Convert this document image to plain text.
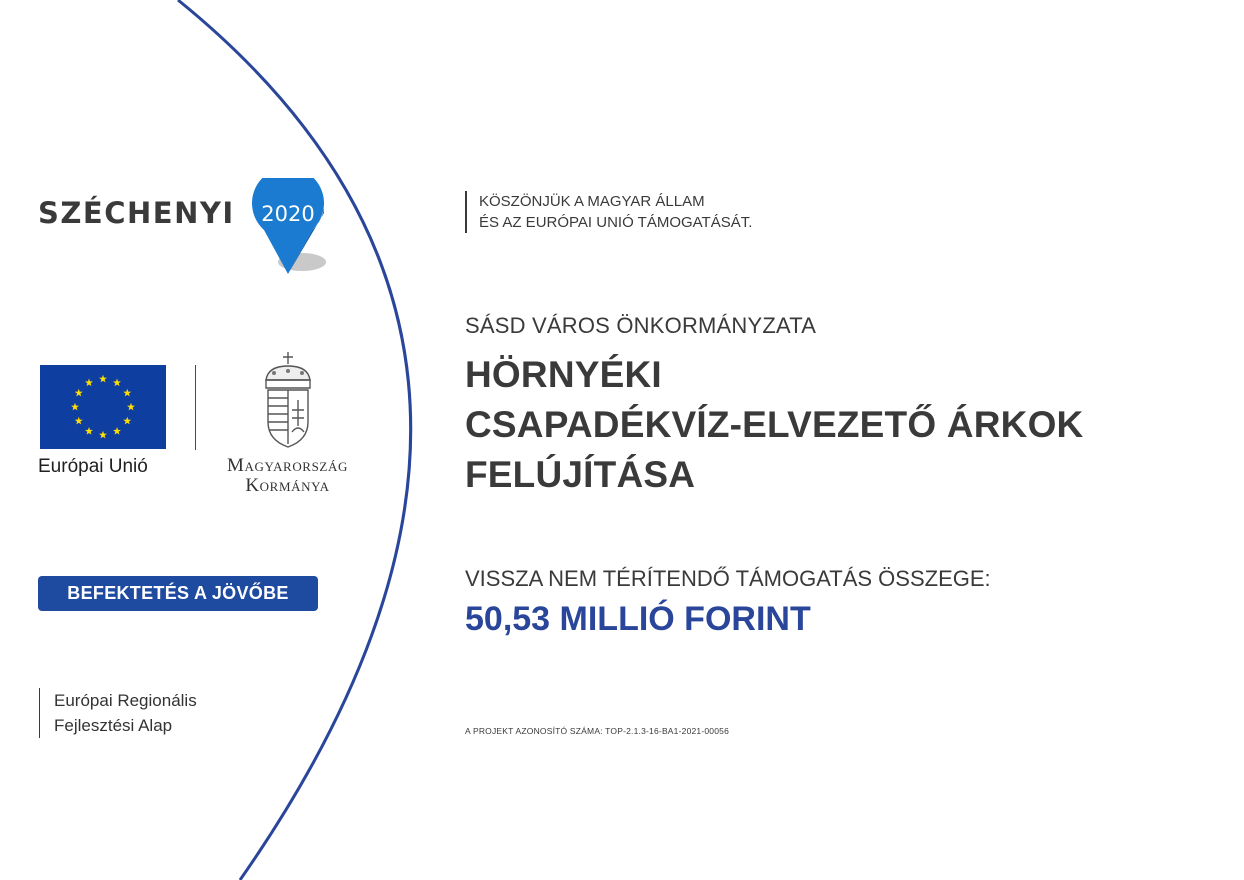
SZÉCHENYI 2020
Európai Unió	Magyarország
Kormánya
BEFEKTETÉS A JÖVŐBE
Európai Regionális
Fejlesztési Alap
KÖSZÖNJÜK A MAGYAR ÁLLAM
ÉS AZ EURÓPAI UNIÓ TÁMOGATÁSÁT.
SÁSD VÁROS ÖNKORMÁNYZATA
HÖRNYÉKI
CSAPADÉKVÍZ-ELVEZETŐ ÁRKOK
FELÚJÍTÁSA
VISSZA NEM TÉRÍTENDŐ TÁMOGATÁS ÖSSZEGE:
50,53 MILLIÓ FORINT
A PROJEKT AZONOSÍTÓ SZÁMA: TOP-2.1.3-16-BA1-2021-00056
